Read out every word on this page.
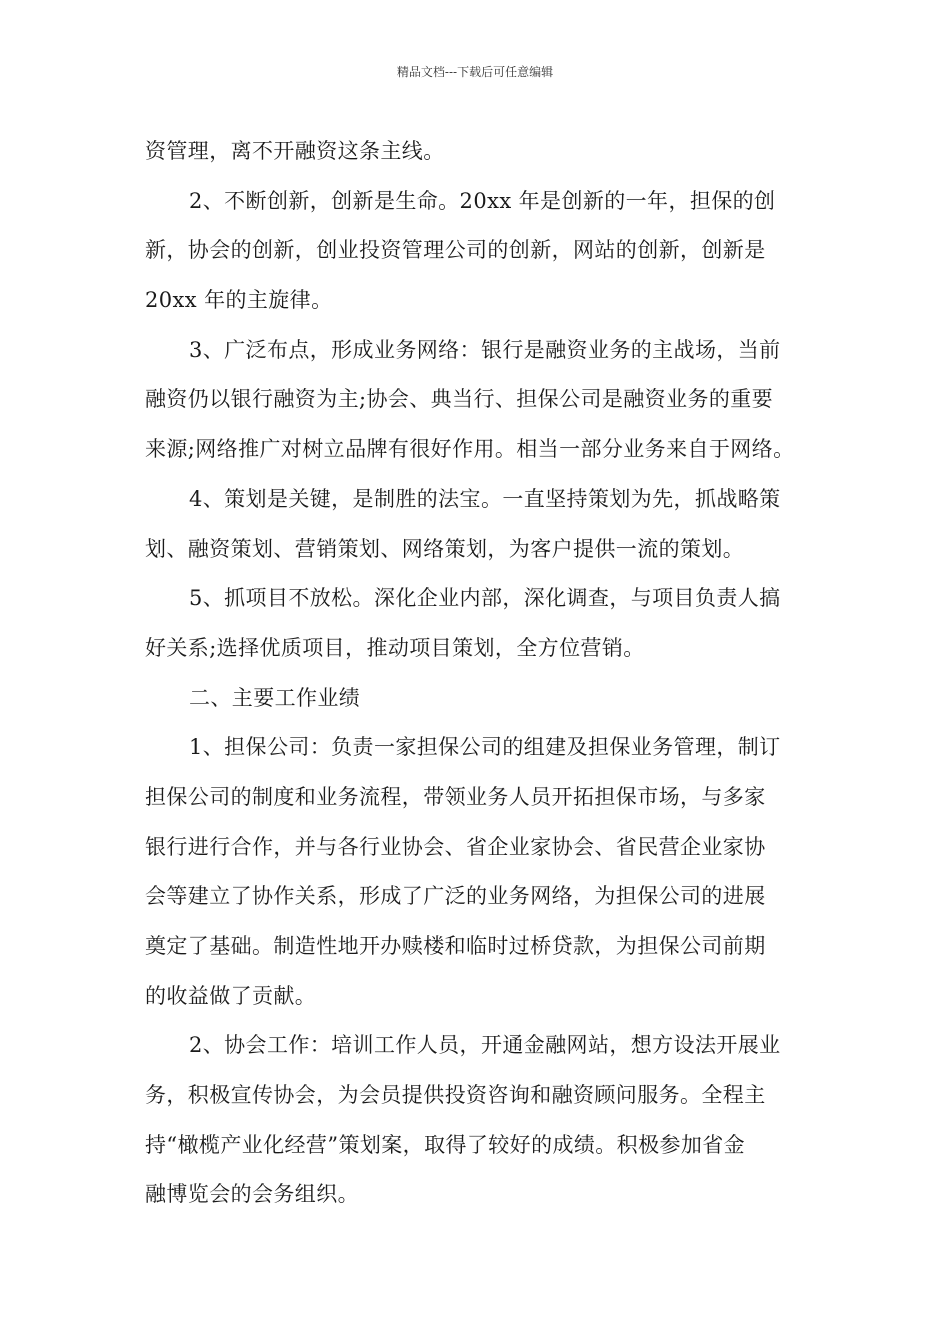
精品文档---下载后可任意编辑
资管理，离不开融资这条主线。
2、不断创新，创新是生命。20xx 年是创新的一年，担保的创
新，协会的创新，创业投资管理公司的创新，网站的创新，创新是
20xx 年的主旋律。
3、广泛布点，形成业务网络：银行是融资业务的主战场，当前
融资仍以银行融资为主;协会、典当行、担保公司是融资业务的重要
来源;网络推广对树立品牌有很好作用。相当一部分业务来自于网络。
4、策划是关键，是制胜的法宝。一直坚持策划为先，抓战略策
划、融资策划、营销策划、网络策划，为客户提供一流的策划。
5、抓项目不放松。深化企业内部，深化调查，与项目负责人搞
好关系;选择优质项目，推动项目策划，全方位营销。
二、主要工作业绩
1、担保公司：负责一家担保公司的组建及担保业务管理，制订
担保公司的制度和业务流程，带领业务人员开拓担保市场，与多家
银行进行合作，并与各行业协会、省企业家协会、省民营企业家协
会等建立了协作关系，形成了广泛的业务网络，为担保公司的进展
奠定了基础。制造性地开办赎楼和临时过桥贷款，为担保公司前期
的收益做了贡献。
2、协会工作：培训工作人员，开通金融网站，想方设法开展业
务，积极宣传协会，为会员提供投资咨询和融资顾问服务。全程主
持“橄榄产业化经营”策划案，取得了较好的成绩。积极参加省金
融博览会的会务组织。
